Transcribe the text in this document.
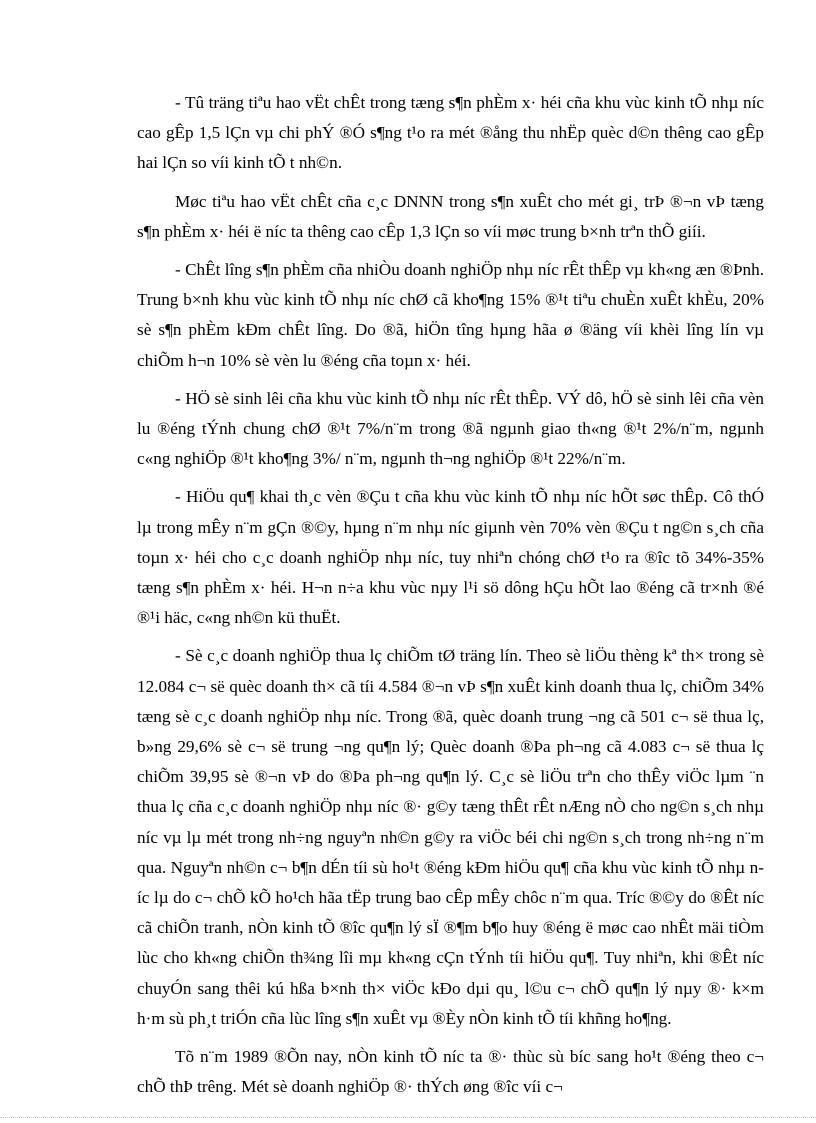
- Tû träng tiªu hao vËt chÊt trong tæng s¶n phÈm x· héi cña khu vùc kinh tÕ nhµ níc cao gÊp 1,5 lÇn vµ chi phÝ ®Ó s¶ng t¹o ra mét ®ång thu nhËp quèc d©n thêng cao gÊp hai lÇn so víi kinh tÕ t nh©n.

Møc tiªu hao vËt chÊt cña c¸c DNNN trong s¶n xuÊt cho mét gi¸ trÞ ®¬n vÞ tæng s¶n phÈm x· héi ë níc ta thêng cao cÊp 1,3 lÇn so víi møc trung b×nh trªn thÕ giíi.

- ChÊt lîng s¶n phÈm cña nhiÒu doanh nghiÖp nhµ níc rÊt thÊp vµ kh«ng æn ®Þnh. Trung b×nh khu vùc kinh tÕ nhµ níc chØ cã kho¶ng 15% ®¹t tiªu chuÈn xuÊt khÈu, 20% sè s¶n phÈm kÐm chÊt lîng. Do ®ã, hiÖn tîng hµng hãa ø ®äng víi khèi lîng lín vµ chiÕm h¬n 10% sè vèn lu ®éng cña toµn x· héi.

- HÖ sè sinh lêi cña khu vùc kinh tÕ nhµ níc rÊt thÊp. VÝ dô, hÖ sè sinh lêi cña vèn lu ®éng tÝnh chung chØ ®¹t 7%/n¨m trong ®ã ngµnh giao th«ng ®¹t 2%/n¨m, ngµnh c«ng nghiÖp ®¹t kho¶ng 3%/ n¨m, ngµnh th¬ng nghiÖp ®¹t 22%/n¨m.

- HiÖu qu¶ khai th¸c vèn ®Çu t cña khu vùc kinh tÕ nhµ níc hÕt søc thÊp. Cô thÓ lµ trong mÊy n¨m gÇn ®©y, hµng n¨m nhµ níc giµnh vèn 70% vèn ®Çu t ng©n s¸ch cña toµn x· héi cho c¸c doanh nghiÖp nhµ níc, tuy nhiªn chóng chØ t¹o ra ®îc tõ 34%-35% tæng s¶n phÈm x· héi. H¬n n÷a khu vùc nµy l¹i sö dông hÇu hÕt lao ®éng cã tr×nh ®é ®¹i häc, c«ng nh©n kü thuËt.

- Sè c¸c doanh nghiÖp thua lç chiÕm tØ träng lín. Theo sè liÖu thèng kª th× trong sè 12.084 c¬ së quèc doanh th× cã tíi 4.584 ®¬n vÞ s¶n xuÊt kinh doanh thua lç, chiÕm 34% tæng sè c¸c doanh nghiÖp nhµ níc. Trong ®ã, quèc doanh trung ¬ng cã 501 c¬ së thua lç, b»ng 29,6% sè c¬ së trung ¬ng qu¶n lý; Quèc doanh ®Þa ph¬ng cã 4.083 c¬ së thua lç chiÕm 39,95 sè ®¬n vÞ do ®Þa ph¬ng qu¶n lý. C¸c sè liÖu trªn cho thÊy viÖc lµm ¨n thua lç cña c¸c doanh nghiÖp nhµ níc ®· g©y tæng thÊt rÊt nÆng nÒ cho ng©n s¸ch nhµ níc vµ lµ mét trong nh÷ng nguyªn nh©n g©y ra viÖc béi chi ng©n s¸ch trong nh÷ng n¨m qua. Nguyªn nh©n c¬ b¶n dÉn tíi sù ho¹t ®éng kÐm hiÖu qu¶ cña khu vùc kinh tÕ nhµ níc lµ do c¬ chÕ kÕ ho¹ch hãa tËp trung bao cÊp mÊy chôc n¨m qua. Tríc ®©y do ®Êt níc cã chiÕn tranh, nÒn kinh tÕ ®îc qu¶n lý sÏ ®¶m b¶o huy ®éng ë møc cao nhÊt mäi tiÒm lùc cho kh«ng chiÕn th¾ng lîi mµ kh«ng cÇn tÝnh tíi hiÖu qu¶. Tuy nhiªn, khi ®Êt níc chuyÓn sang thêi kú hßa b×nh th× viÖc kÐo dµi qu¸ l©u c¬ chÕ qu¶n lý nµy ®· k×m h·m sù ph¸t triÓn cña lùc lîng s¶n xuÊt vµ ®Èy nÒn kinh tÕ tíi khñng ho¶ng.

Tõ n¨m 1989 ®Õn nay, nÒn kinh tÕ níc ta ®· thùc sù bíc sang ho¹t ®éng theo c¬ chÕ thÞ trêng. Mét sè doanh nghiÖp ®· thÝch øng ®îc víi c¬
